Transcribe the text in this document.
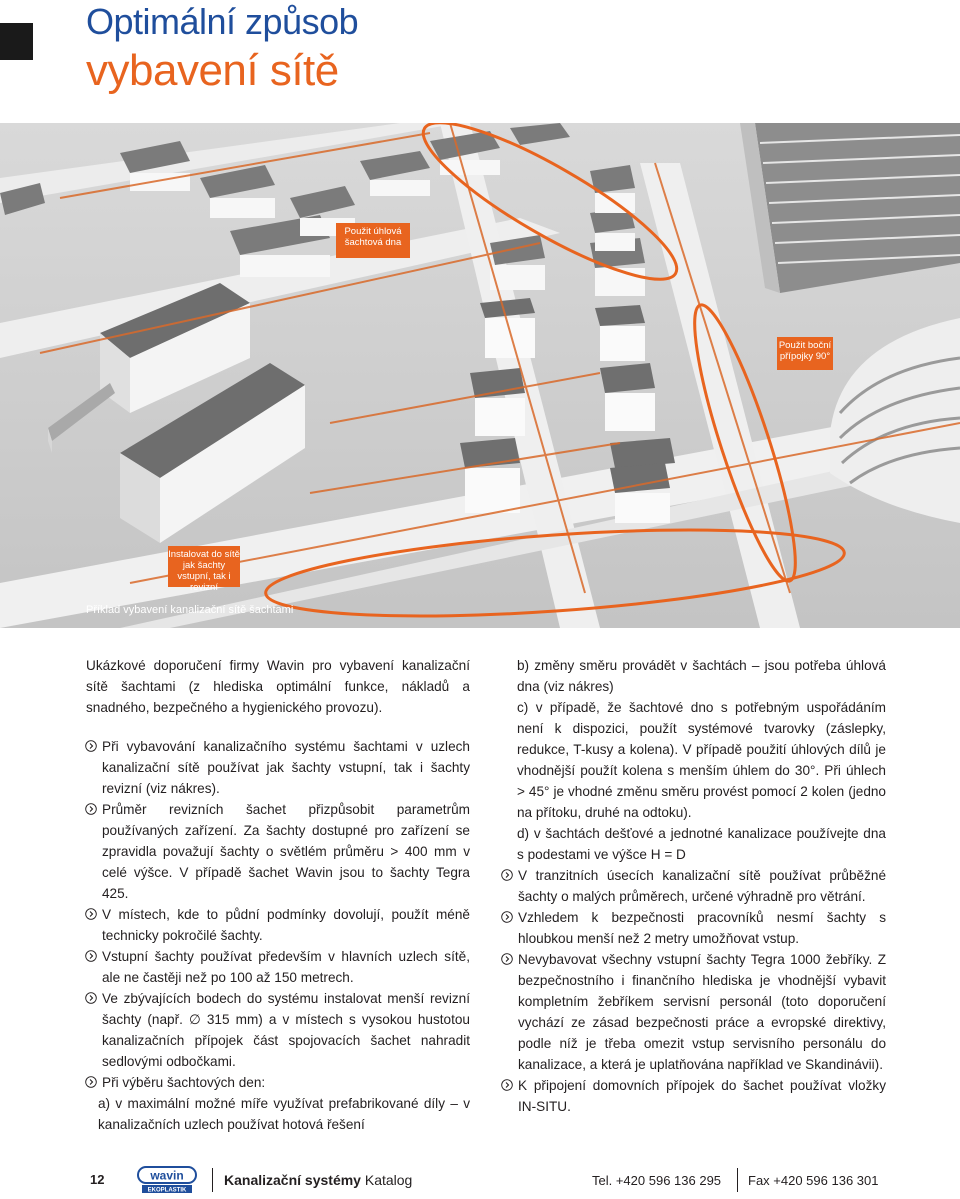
Optimální způsob
vybavení sítě
Použit úhlová šachtová dna
Použit boční přípojky 90°
Instalovat do sítě jak šachty vstupní, tak i revizní
Příklad vybavení kanalizační sítě šachtami

Ukázkové doporučení firmy Wavin pro vybavení kanalizační sítě šachtami (z hlediska optimální funkce, nákladů a snadného, bezpečného a hygienického provozu).

Při vybavování kanalizačního systému šachtami v uzlech kanalizační sítě používat jak šachty vstupní, tak i šachty revizní (viz nákres).

Průměr revizních šachet přizpůsobit parametrům používaných zařízení. Za šachty dostupné pro zařízení se zpravidla považují šachty o světlém průměru > 400 mm v celé výšce. V případě šachet Wavin jsou to šachty Tegra 425.

V místech, kde to půdní podmínky dovolují, použít méně technicky pokročilé šachty.

Vstupní šachty používat především v hlavních uzlech sítě, ale ne častěji než po 100 až 150 metrech.

Ve zbývajících bodech do systému instalovat menší revizní šachty (např. ∅ 315 mm) a v místech s vysokou hustotou kanalizačních přípojek část spojovacích šachet nahradit sedlovými odbočkami.

Při výběru šachtových den:

a) v maximální možné míře využívat prefabrikované díly – v kanalizačních uzlech používat hotová řešení

b) změny směru provádět v šachtách – jsou potřeba úhlová dna (viz nákres)

c) v případě, že šachtové dno s potřebným uspořádáním není k dispozici, použít systémové tvarovky (záslepky, redukce, T-kusy a kolena). V případě použití úhlových dílů je vhodnější použít kolena s menším úhlem do 30°. Při úhlech > 45° je vhodné změnu směru provést pomocí 2 kolen (jedno na přítoku, druhé na odtoku).

d) v šachtách dešťové a jednotné kanalizace používejte dna s podestami ve výšce H = D

V tranzitních úsecích kanalizační sítě používat průběžné šachty o malých průměrech, určené výhradně pro větrání.

Vzhledem k bezpečnosti pracovníků nesmí šachty s hloubkou menší než 2 metry umožňovat vstup.

Nevybavovat všechny vstupní šachty Tegra 1000 žebříky. Z bezpečnostního i finančního hlediska je vhodnější vybavit kompletním žebříkem servisní personál (toto doporučení vychází ze zásad bezpečnosti práce a evropské direktivy, podle níž je třeba omezit vstup servisního personálu do kanalizace, a která je uplatňována například ve Skandinávii).

K připojení domovních přípojek do šachet používat vložky IN-SITU.

12	wavin
EKOPLASTIK
Kanalizační systémy Katalog	Tel. +420 596 136 295 Fax +420 596 136 301
